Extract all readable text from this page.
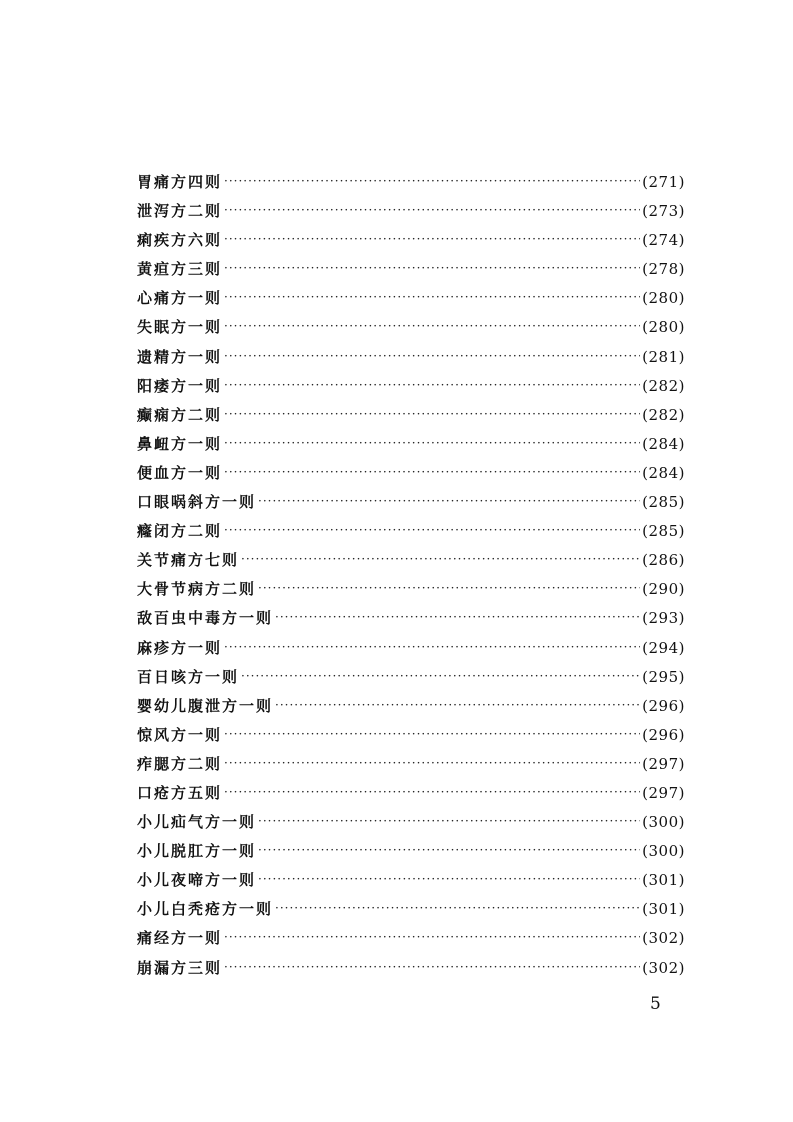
胃痛方四则 ·····	(271)
泄泻方二则 ·····	(273)
痢疾方六则 ·····	(274)
黄疸方三则 ·····	(278)
心痛方一则 ·····	(280)
失眠方一则 ·····	(280)
遗精方一则 ·····	(281)
阳痿方一则 ·····	(282)
癫痫方二则 ·····	(282)
鼻衄方一则 ·····	(284)
便血方一则 ·····	(284)
口眼㖞斜方一则 ·····	(285)
癃闭方二则 ·····	(285)
关节痛方七则 ·····	(286)
大骨节病方二则 ·····	(290)
敌百虫中毒方一则 ·····	(293)
麻疹方一则 ·····	(294)
百日咳方一则 ·····	(295)
婴幼儿腹泄方一则 ·····	(296)
惊风方一则 ·····	(296)
痄腮方二则 ·····	(297)
口疮方五则 ·····	(297)
小儿疝气方一则 ·····	(300)
小儿脱肛方一则 ·····	(300)
小儿夜啼方一则 ·····	(301)
小儿白秃疮方一则 ·····	(301)
痛经方一则 ·····	(302)
崩漏方三则 ·····	(302)
5
